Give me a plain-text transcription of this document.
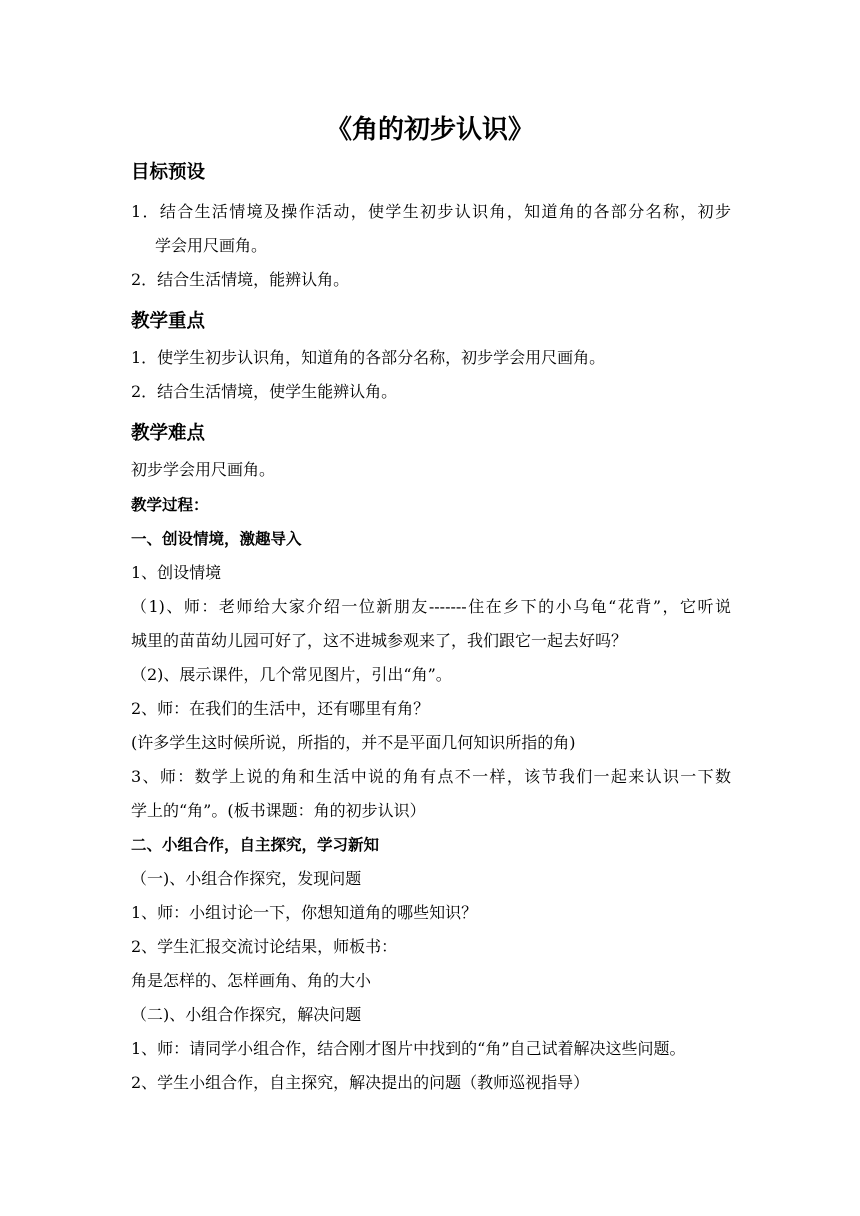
《角的初步认识》
目标预设
1．结合生活情境及操作活动，使学生初步认识角，知道角的各部分名称，初步
学会用尺画角。
2．结合生活情境，能辨认角。
教学重点
1．使学生初步认识角，知道角的各部分名称，初步学会用尺画角。
2．结合生活情境，使学生能辨认角。
教学难点
初步学会用尺画角。
教学过程：
一、创设情境，激趣导入
1、创设情境
（1)、师：老师给大家介绍一位新朋友-------住在乡下的小乌龟“花背”，它听说
城里的苗苗幼儿园可好了，这不进城参观来了，我们跟它一起去好吗？
（2)、展示课件，几个常见图片，引出“角”。
2、师：在我们的生活中，还有哪里有角？
(许多学生这时候所说，所指的，并不是平面几何知识所指的角)
3、师：数学上说的角和生活中说的角有点不一样，该节我们一起来认识一下数
学上的“角”。(板书课题：角的初步认识）
二、小组合作，自主探究，学习新知
（一)、小组合作探究，发现问题
1、师：小组讨论一下，你想知道角的哪些知识？
2、学生汇报交流讨论结果，师板书：
角是怎样的、怎样画角、角的大小
（二)、小组合作探究，解决问题
1、师：请同学小组合作，结合刚才图片中找到的“角”自己试着解决这些问题。
2、学生小组合作，自主探究，解决提出的问题（教师巡视指导）
